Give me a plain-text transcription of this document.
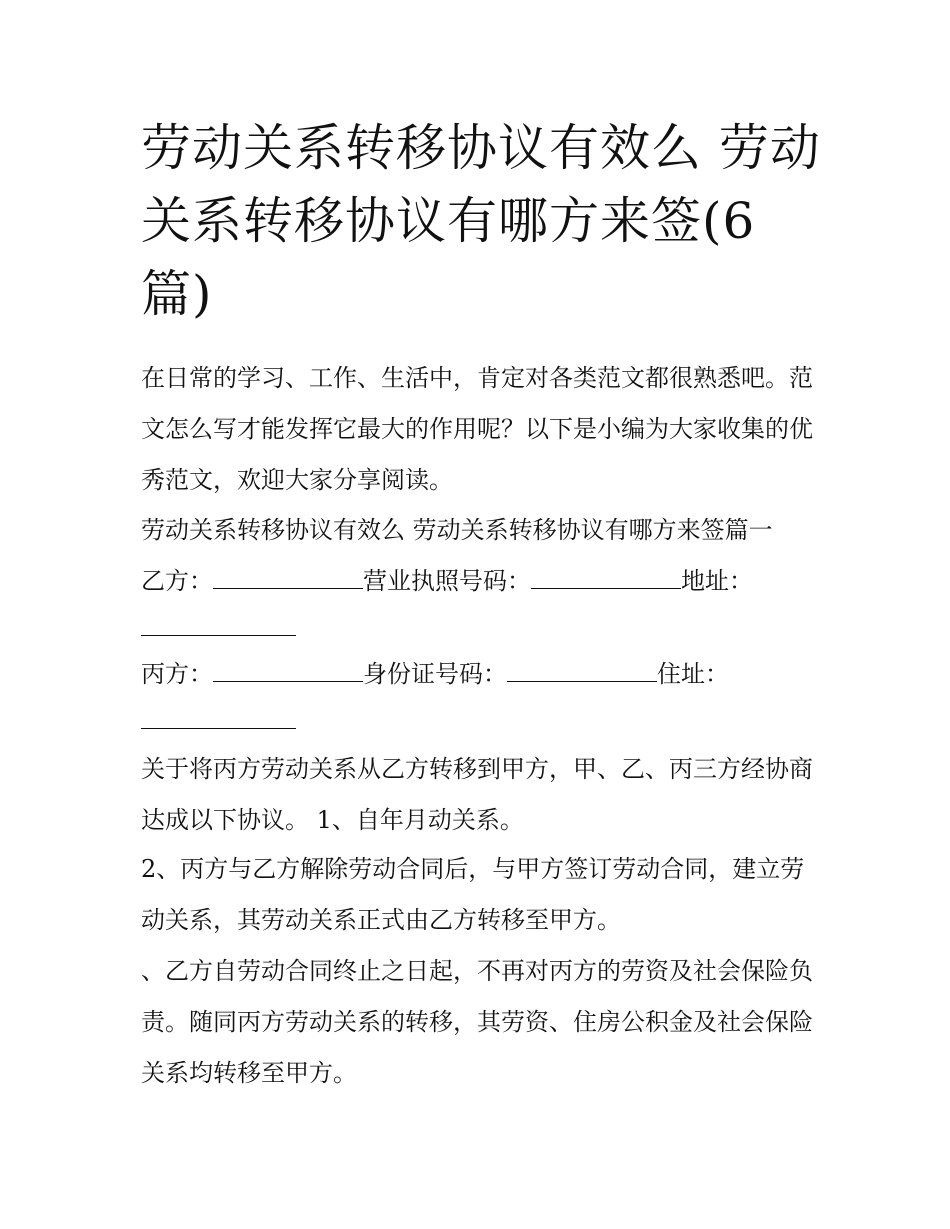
劳动关系转移协议有效么 劳动关系转移协议有哪方来签(6篇)

在日常的学习、工作、生活中，肯定对各类范文都很熟悉吧。范文怎么写才能发挥它最大的作用呢？以下是小编为大家收集的优秀范文，欢迎大家分享阅读。

劳动关系转移协议有效么 劳动关系转移协议有哪方来签篇一

乙方：	营业执照号码：	地址：
丙方：	身份证号码：	住址：

关于将丙方劳动关系从乙方转移到甲方，甲、乙、丙三方经协商达成以下协议。 1、自年月动关系。

2、丙方与乙方解除劳动合同后，与甲方签订劳动合同，建立劳动关系，其劳动关系正式由乙方转移至甲方。

、乙方自劳动合同终止之日起，不再对丙方的劳资及社会保险负责。随同丙方劳动关系的转移，其劳资、住房公积金及社会保险关系均转移至甲方。
